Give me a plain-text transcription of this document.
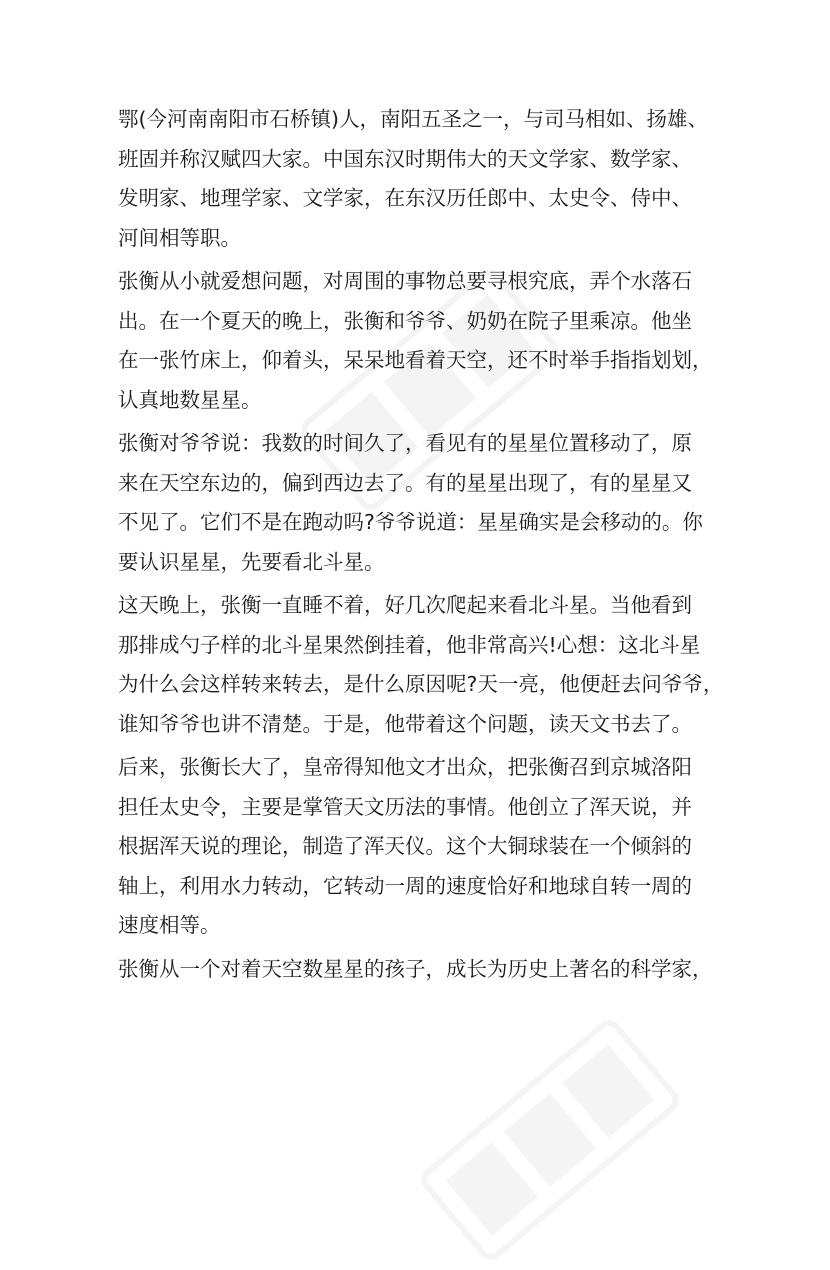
鄂(今河南南阳市石桥镇)人，南阳五圣之一，与司马相如、扬雄、
班固并称汉赋四大家。中国东汉时期伟大的天文学家、数学家、
发明家、地理学家、文学家，在东汉历任郎中、太史令、侍中、
河间相等职。
张衡从小就爱想问题，对周围的事物总要寻根究底，弄个水落石
出。在一个夏天的晚上，张衡和爷爷、奶奶在院子里乘凉。他坐
在一张竹床上，仰着头，呆呆地看着天空，还不时举手指指划划，
认真地数星星。
张衡对爷爷说：我数的时间久了，看见有的星星位置移动了，原
来在天空东边的，偏到西边去了。有的星星出现了，有的星星又
不见了。它们不是在跑动吗?爷爷说道：星星确实是会移动的。你
要认识星星，先要看北斗星。
这天晚上，张衡一直睡不着，好几次爬起来看北斗星。当他看到
那排成勺子样的北斗星果然倒挂着，他非常高兴!心想：这北斗星
为什么会这样转来转去，是什么原因呢?天一亮，他便赶去问爷爷，
谁知爷爷也讲不清楚。于是，他带着这个问题，读天文书去了。
后来，张衡长大了，皇帝得知他文才出众，把张衡召到京城洛阳
担任太史令，主要是掌管天文历法的事情。他创立了浑天说，并
根据浑天说的理论，制造了浑天仪。这个大铜球装在一个倾斜的
轴上，利用水力转动，它转动一周的速度恰好和地球自转一周的
速度相等。
张衡从一个对着天空数星星的孩子，成长为历史上著名的科学家，
